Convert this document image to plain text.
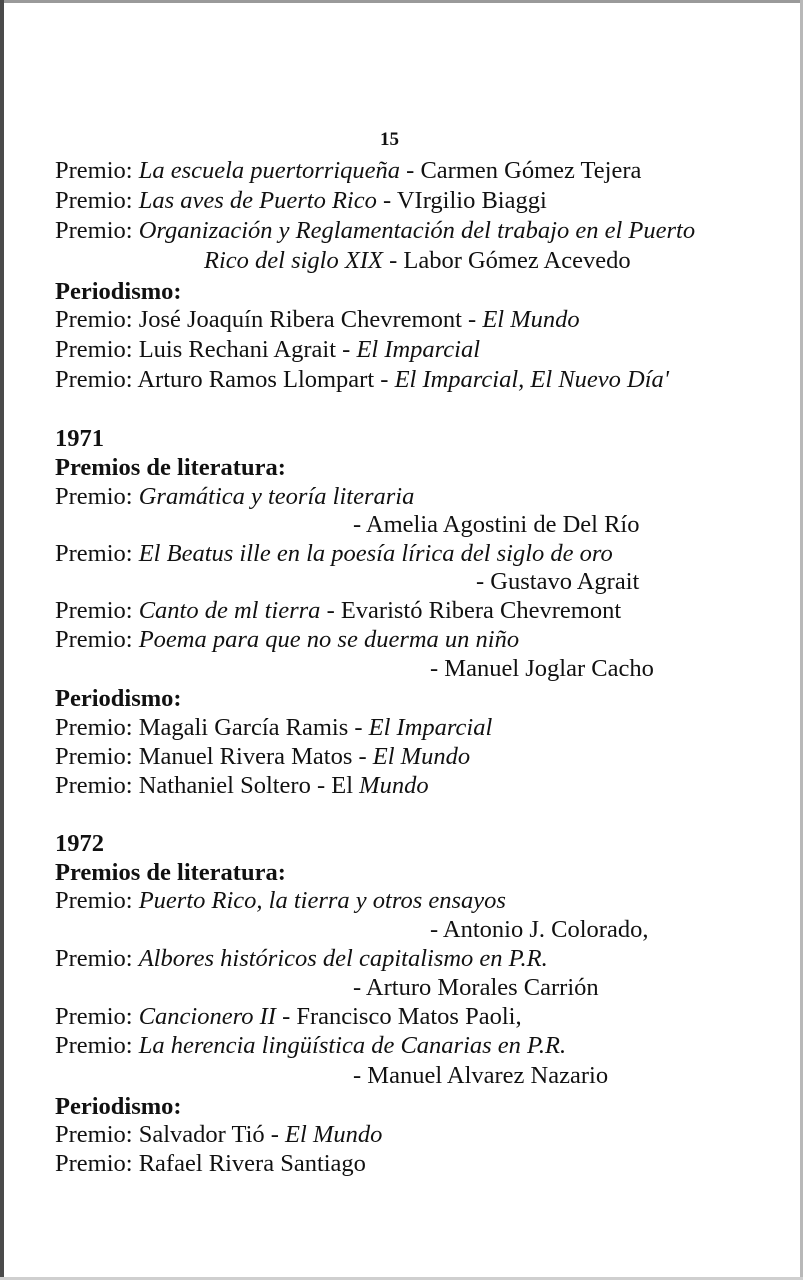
15
Premio: La escuela puertorriqueña - Carmen Gómez Tejera
Premio: Las aves de Puerto Rico - VIrgilio Biaggi
Premio: Organización y Reglamentación del trabajo en el Puerto
Rico del siglo XIX - Labor Gómez Acevedo
Periodismo:
Premio: José Joaquín Ribera Chevremont - El Mundo
Premio: Luis Rechani Agrait - El Imparcial
Premio: Arturo Ramos Llompart - El Imparcial, El Nuevo Día'
1971
Premios de literatura:
Premio: Gramática y teoría literaria
- Amelia Agostini de Del Río
Premio: El Beatus ille en la poesía lírica del siglo de oro
- Gustavo Agrait
Premio: Canto de ml tierra - Evaristó Ribera Chevremont
Premio: Poema para que no se duerma un niño
- Manuel Joglar Cacho
Periodismo:
Premio: Magali García Ramis - El Imparcial
Premio: Manuel Rivera Matos - El Mundo
Premio: Nathaniel Soltero - El Mundo
1972
Premios de literatura:
Premio: Puerto Rico, la tierra y otros ensayos
- Antonio J. Colorado,
Premio: Albores históricos del capitalismo en P.R.
- Arturo Morales Carrión
Premio: Cancionero II - Francisco Matos Paoli,
Premio: La herencia lingüística de Canarias en P.R.
- Manuel Alvarez Nazario
Periodismo:
Premio: Salvador Tió - El Mundo
Premio: Rafael Rivera Santiago
